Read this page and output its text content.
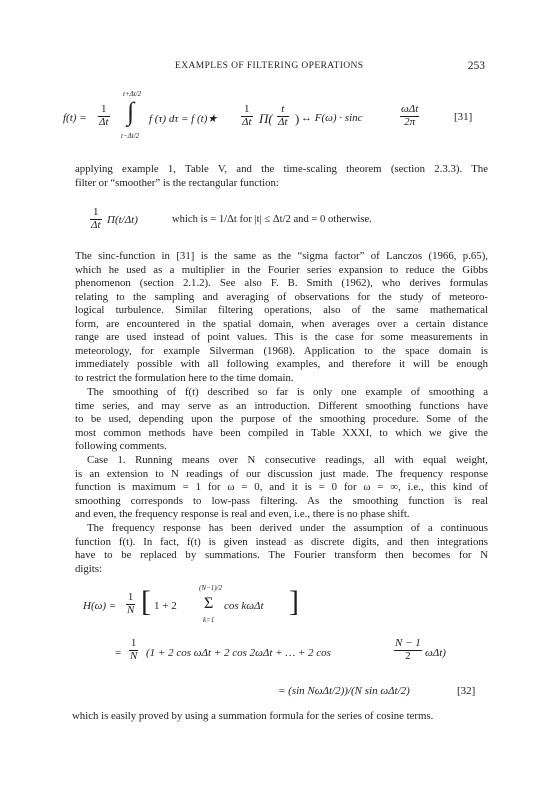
EXAMPLES OF FILTERING OPERATIONS	253
$f(t) = \frac{1}{\Delta t}$
t+Δt/2
∫
t−Δt/2
f (τ) dτ = f (t)★ $\frac{1}{\Delta t} \Pi( \frac{t}{\Delta t}$ ) ↔ F(ω) · sinc
ωΔt
2π	[31]
applying example 1, Table V, and the time-scaling theorem (section 2.3.3). The
filter or “smoother” is the rectangular function:
$\frac{1}{\Delta t} \Pi(t/\Delta t)$	which is = 1/Δt for |t| ≤ Δt/2 and = 0 otherwise.
The sinc-function in [31] is the same as the “sigma factor” of Lanczos (1966, p.65),
which he used as a multiplier in the Fourier series expansion to reduce the Gibbs
phenomenon (section 2.1.2). See also F. B. Smith (1962), who derives formulas
relating to the sampling and averaging of observations for the study of meteoro-
logical turbulence. Similar filtering operations, also of the same mathematical
form, are encountered in the spatial domain, when averages over a certain distance
range are used instead of point values. This is the case for some measurements in
meteorology, for example Silverman (1968). Application to the space domain is
immediately possible with all following examples, and therefore it will be enough
to restrict the formulation here to the time domain.
The smoothing of f(t) described so far is only one example of smoothing a
time series, and may serve as an introduction. Different smoothing functions have
to be used, depending upon the purpose of the smoothing procedure. Some of the
most common methods have been compiled in Table XXXI, to which we give the
following comments.
Case 1. Running means over N consecutive readings, all with equal weight,
is an extension to N readings of our discussion just made. The frequency response
function is maximum = 1 for ω = 0, and it is = 0 for ω = ∞, i.e., this kind of
smoothing corresponds to low-pass filtering. As the smoothing function is real
and even, the frequency response is real and even, i.e., there is no phase shift.
The frequency response has been derived under the assumption of a continuous
function f(t). In fact, f(t) is given instead as discrete digits, and then integrations
have to be replaced by summations. The Fourier transform then becomes for N
digits:
$H(\omega) = \frac{1}{N}$ [ 1 + 2
(N−1)/2
Σ
k=1
cos kωΔt ]
= $\frac{1}{N} (1 + 2$ cos ωΔt + 2 cos 2ωΔt + … + 2 cos	$\frac{N - 1}{2} \omega\Delta t$)
= (sin NωΔt/2))/(N sin ωΔt/2)	[32]
which is easily proved by using a summation formula for the series of cosine terms.
